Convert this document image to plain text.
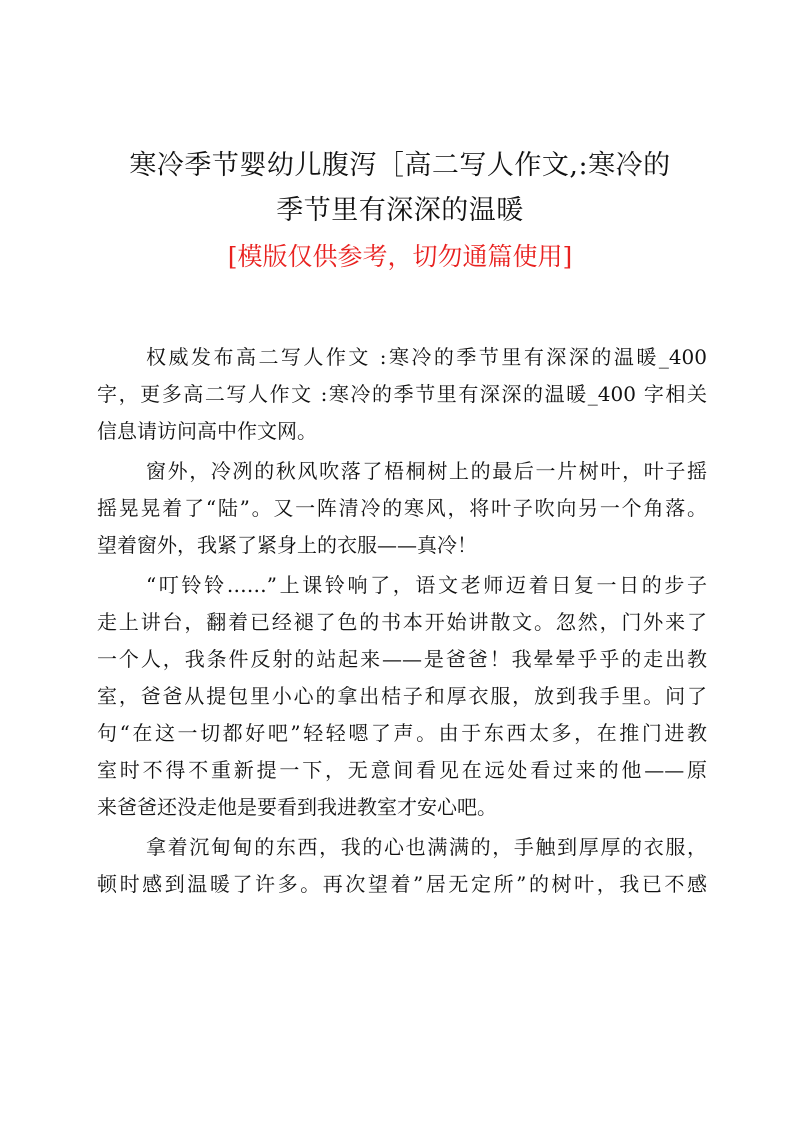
寒冷季节婴幼儿腹泻［高二写人作文,:寒冷的
季节里有深深的温暖

[模版仅供参考，切勿通篇使用]

权威发布高二写人作文 :寒冷的季节里有深深的温暖_400
字，更多高二写人作文 :寒冷的季节里有深深的温暖_400 字相关
信息请访问高中作文网。
窗外，冷冽的秋风吹落了梧桐树上的最后一片树叶，叶子摇
摇晃晃着了“陆”。又一阵清冷的寒风，将叶子吹向另一个角落。
望着窗外，我紧了紧身上的衣服——真冷！
“叮铃铃……”上课铃响了，语文老师迈着日复一日的步子
走上讲台，翻着已经褪了色的书本开始讲散文。忽然，门外来了
一个人，我条件反射的站起来——是爸爸！我晕晕乎乎的走出教
室，爸爸从提包里小心的拿出桔子和厚衣服，放到我手里。问了
句“在这一切都好吧”轻轻嗯了声。由于东西太多，在推门进教
室时不得不重新提一下，无意间看见在远处看过来的他——原
来爸爸还没走他是要看到我进教室才安心吧。
拿着沉甸甸的东西，我的心也满满的，手触到厚厚的衣服，
顿时感到温暖了许多。再次望着”居无定所”的树叶，我已不感
